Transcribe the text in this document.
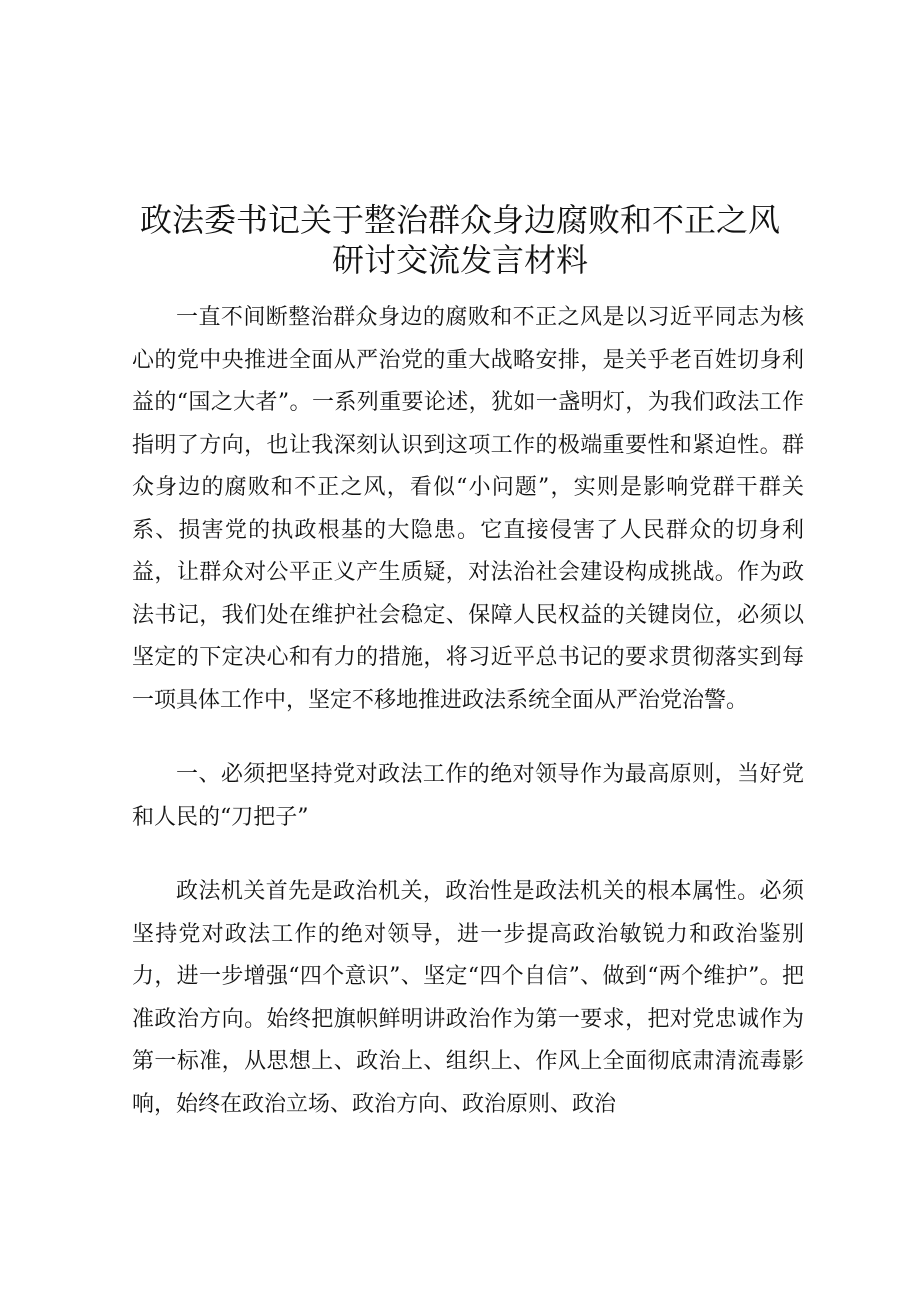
政法委书记关于整治群众身边腐败和不正之风
研讨交流发言材料

一直不间断整治群众身边的腐败和不正之风是以习近平同志为核心的党中央推进全面从严治党的重大战略安排，是关乎老百姓切身利益的“国之大者”。一系列重要论述，犹如一盏明灯，为我们政法工作指明了方向，也让我深刻认识到这项工作的极端重要性和紧迫性。群众身边的腐败和不正之风，看似“小问题”，实则是影响党群干群关系、损害党的执政根基的大隐患。它直接侵害了人民群众的切身利益，让群众对公平正义产生质疑，对法治社会建设构成挑战。作为政法书记，我们处在维护社会稳定、保障人民权益的关键岗位，必须以坚定的下定决心和有力的措施，将习近平总书记的要求贯彻落实到每一项具体工作中，坚定不移地推进政法系统全面从严治党治警。

一、必须把坚持党对政法工作的绝对领导作为最高原则，当好党和人民的“刀把子”

政法机关首先是政治机关，政治性是政法机关的根本属性。必须坚持党对政法工作的绝对领导，进一步提高政治敏锐力和政治鉴别力，进一步增强“四个意识”、坚定“四个自信”、做到“两个维护”。把准政治方向。始终把旗帜鲜明讲政治作为第一要求，把对党忠诚作为第一标准，从思想上、政治上、组织上、作风上全面彻底肃清流毒影响，始终在政治立场、政治方向、政治原则、政治
